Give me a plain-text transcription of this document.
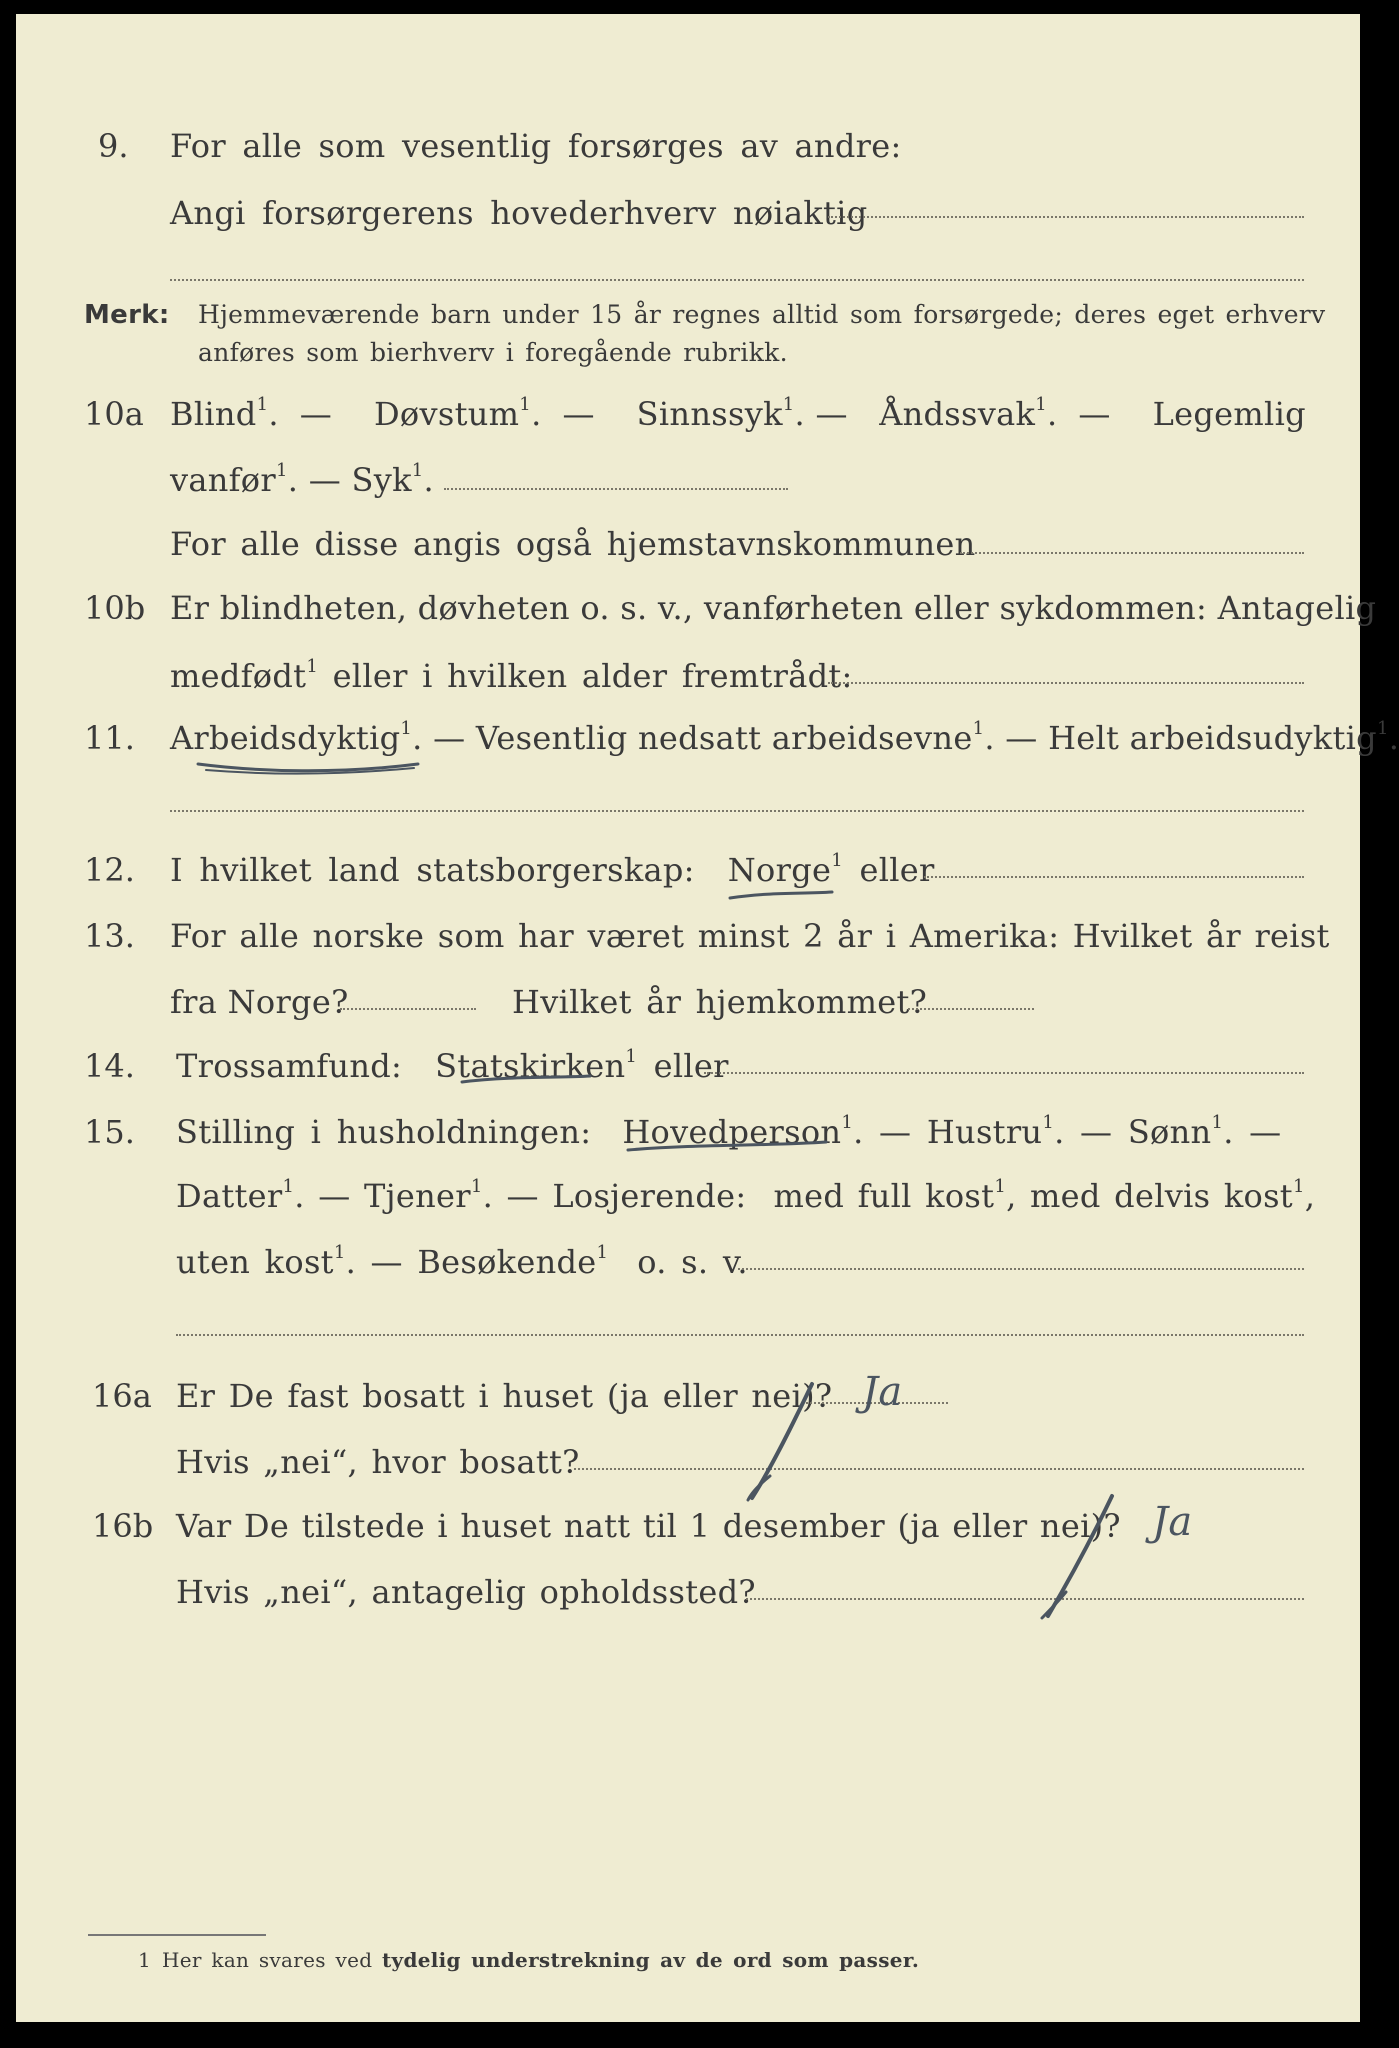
9. For alle som vesentlig forsørges av andre:
Angi forsørgerens hovederhverv nøiaktig
Merk: Hjemmeværende barn under 15 år regnes alltid som forsørgede; deres eget erhverv
anføres som bierhverv i foregående rubrikk.
10a Blind$^1$.  —    Døvstum$^1$.  —    Sinnssyk$^1$. —   Åndssvak$^1$.  —    Legemlig
vanfør$^1$. — Syk$^1$.
For alle disse angis også hjemstavnskommunen
10b Er blindheten, døvheten o. s. v., vanførheten eller sykdommen: Antagelig
medfødt$^1$ eller i hvilken alder fremtrådt:
11. Arbeidsdyktig$^1$. — Vesentlig nedsatt arbeidsevne$^1$. — Helt arbeidsudyktig$^1$.
12. I hvilket land statsborgerskap: Norge$^1$ eller
13. For alle norske som har været minst 2 år i Amerika: Hvilket år reist
fra Norge?	Hvilket år hjemkommet?
14. Trossamfund: Statskirken$^1$ eller
15. Stilling i husholdningen: Hovedperson$^1$. — Hustru$^1$. — Sønn$^1$. —
Datter$^1$. — Tjener$^1$. — Losjerende: med full kost$^1$, med delvis kost$^1$,
uten kost$^1$. — Besøkende$^1$ o. s. v.
16a Er De fast bosatt i huset (ja eller nei)?
Hvis „nei“, hvor bosatt?
16b Var De tilstede i huset natt til 1 desember (ja eller nei)?
Hvis „nei“, antagelig opholdssted?
Ja
Ja
1 Her kan svares ved tydelig understrekning av de ord som passer.
